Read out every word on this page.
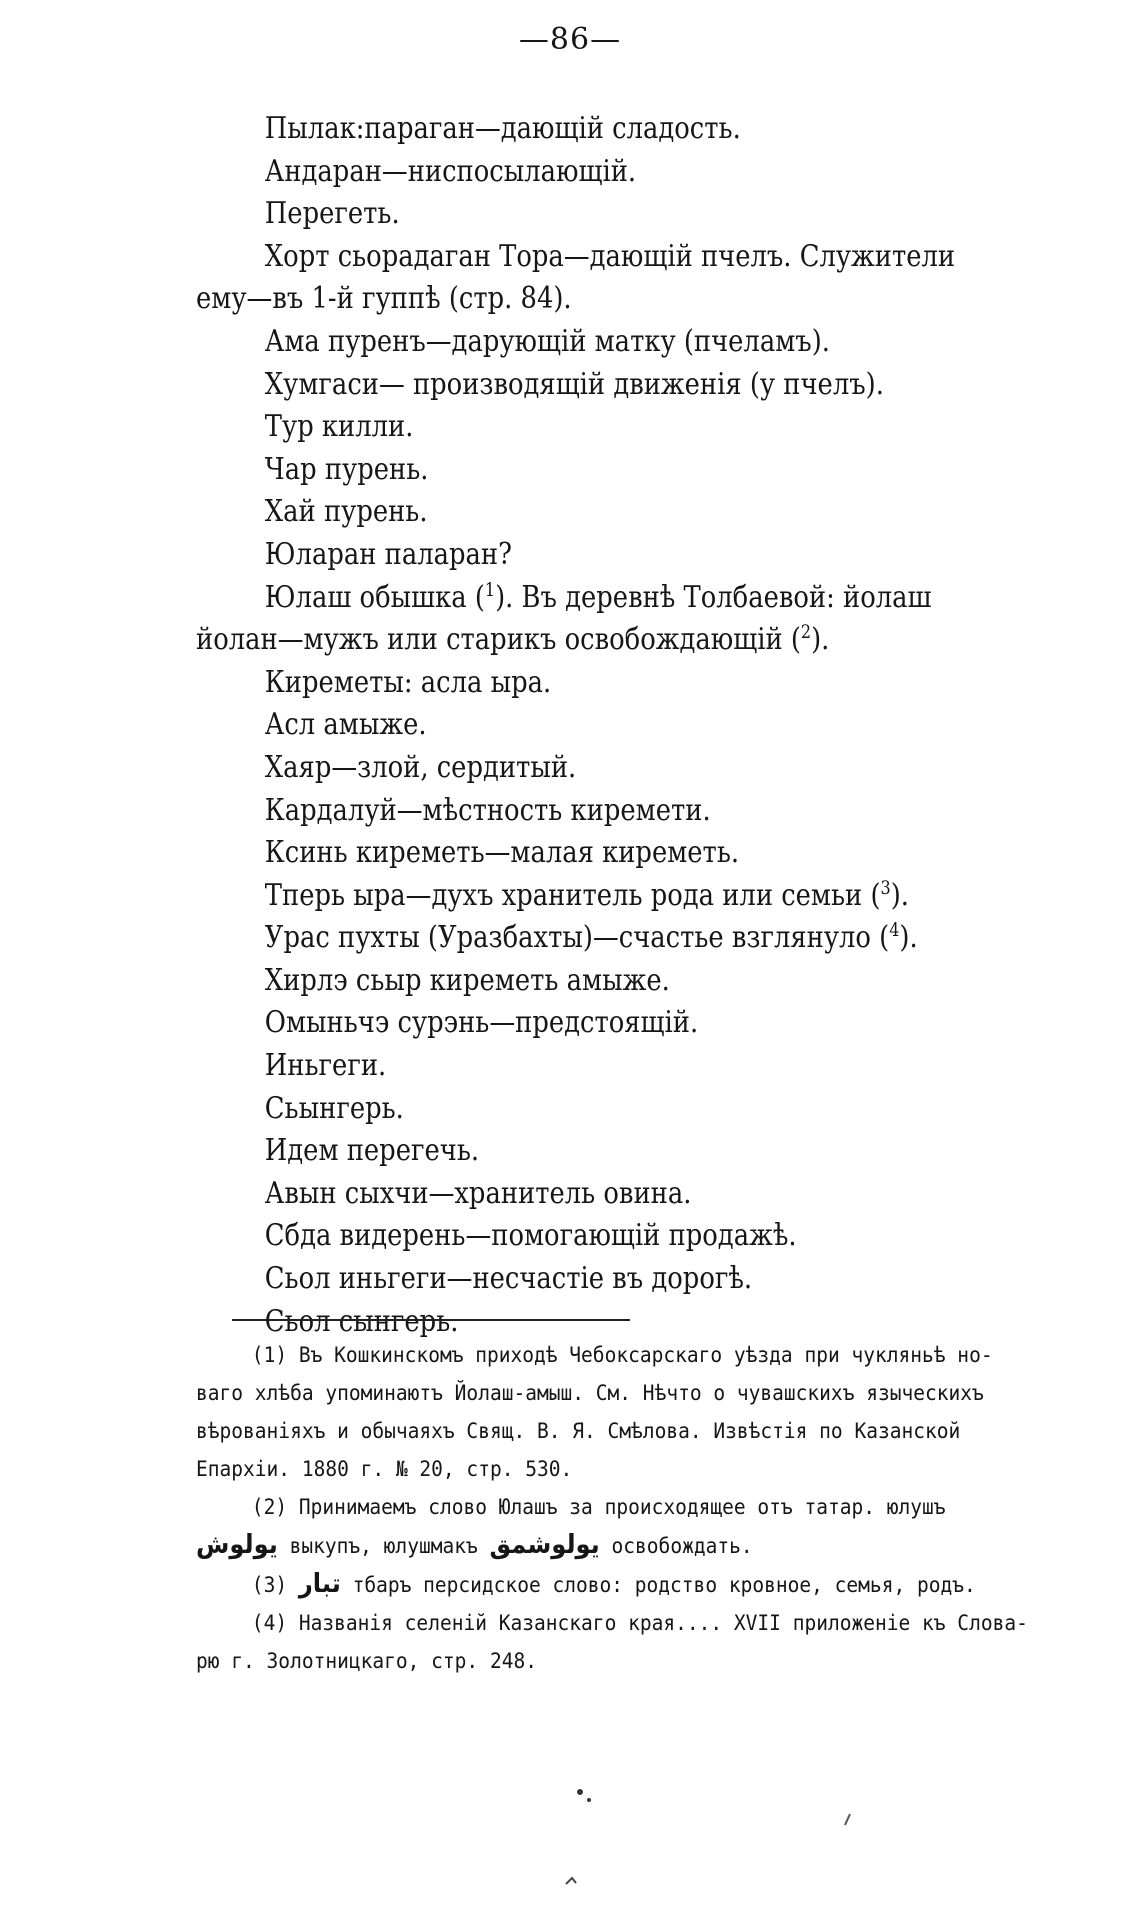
—86—
Пылак:параган—дающій сладость.
Андаран—ниспосылающій.
Перегеть.
Хорт сьорадаган Тора—дающій пчелъ. Служители
ему—въ 1-й гуппѣ (стр. 84).
Ама пуренъ—дарующій матку (пчеламъ).
Хумгаси— производящій движенія (у пчелъ).
Тур килли.
Чар пурень.
Хай пурень.
Юларан паларан?
Юлаш обышка ($^1$). Въ деревнѣ Толбаевой: йолаш
йолан—мужъ или старикъ освобождающій ($^2$).
Киреметы: асла ыра.
Асл амыже.
Хаяр—злой, сердитый.
Кардалуй—мѣстность киремети.
Ксинь киреметь—малая киреметь.
Тперь ыра—духъ хранитель рода или семьи ($^3$).
Урас пухты (Уразбахты)—счастье взглянуло ($^4$).
Хирлэ сьыр киреметь амыже.
Омыньчэ сурэнь—предстоящій.
Иньгеги.
Сьынгерь.
Идем перегечь.
Авын сыхчи—хранитель овина.
Сбда видерень—помогающій продажѣ.
Сьол иньгеги—несчастіе въ дорогѣ.
Сьол сынгерь.
(1) Въ Кошкинскомъ приходѣ Чебоксарскаго уѣзда при чукляньѣ но-
ваго хлѣба упоминаютъ Йолаш-амыш. См. Нѣчто о чувашскихъ языческихъ
вѣрованіяхъ и обычаяхъ Свящ. В. Я. Смѣлова. Извѣстія по Казанской
Епархіи. 1880 г. № 20, стр. 530.
(2) Принимаемъ слово Юлашъ за происходящее отъ татар. юлушъ
يولوش выкупъ, юлушмакъ يولوشمق освобождать.
(3) تبار тбаръ персидское слово: родство кровное, семья, родъ.
(4) Названія селеній Казанскаго края.... XVII приложеніе къ Слова-
рю г. Золотницкаго, стр. 248.
